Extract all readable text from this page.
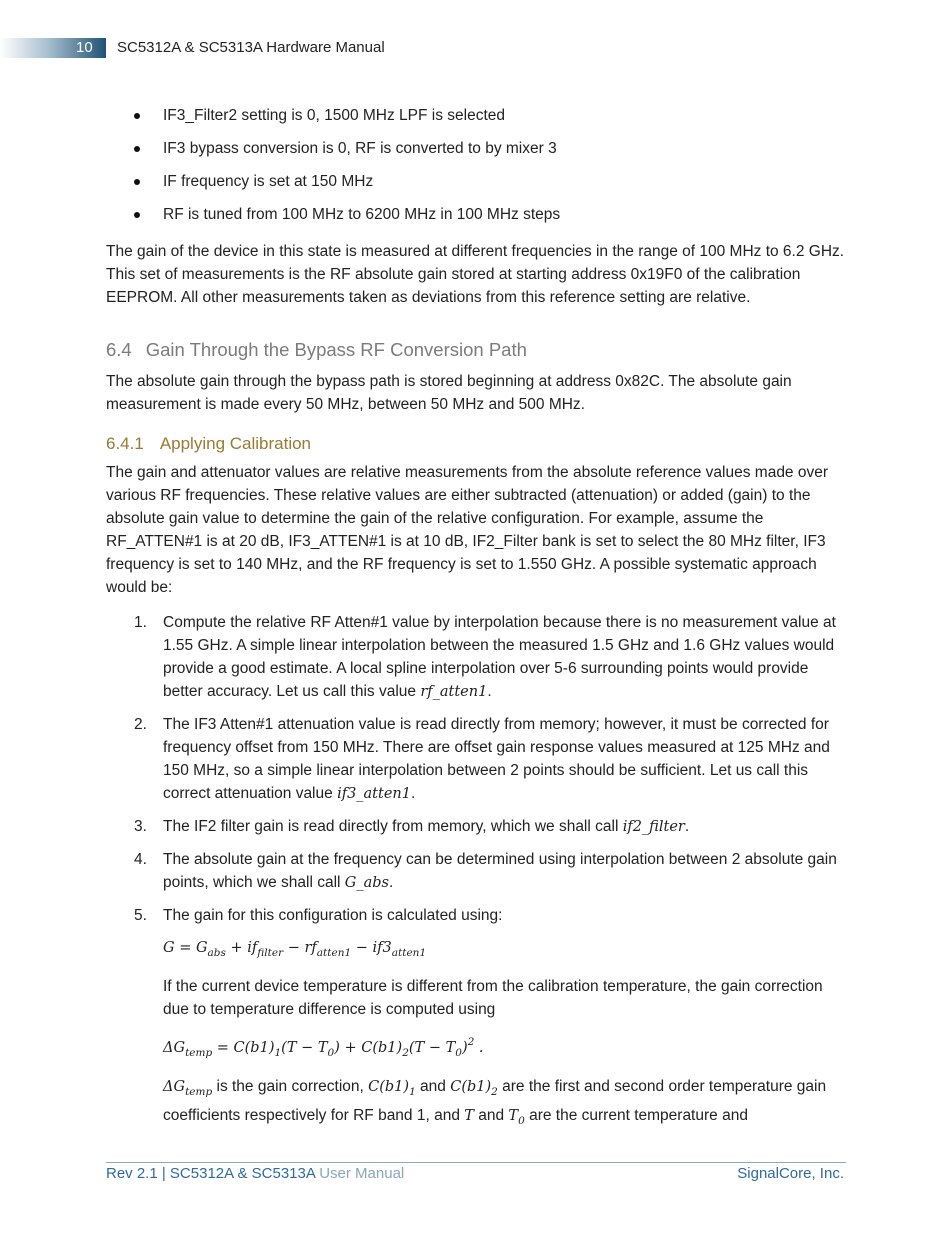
10	SC5312A & SC5313A Hardware Manual
IF3_Filter2 setting is 0, 1500 MHz LPF is selected
IF3 bypass conversion is 0, RF is converted to by mixer 3
IF frequency is set at 150 MHz
RF is tuned from 100 MHz to 6200 MHz in 100 MHz steps

The gain of the device in this state is measured at different frequencies in the range of 100 MHz to 6.2 GHz. This set of measurements is the RF absolute gain stored at starting address 0x19F0 of the calibration EEPROM. All other measurements taken as deviations from this reference setting are relative.

6.4 Gain Through the Bypass RF Conversion Path

The absolute gain through the bypass path is stored beginning at address 0x82C. The absolute gain measurement is made every 50 MHz, between 50 MHz and 500 MHz.

6.4.1 Applying Calibration

The gain and attenuator values are relative measurements from the absolute reference values made over various RF frequencies. These relative values are either subtracted (attenuation) or added (gain) to the absolute gain value to determine the gain of the relative configuration. For example, assume the RF_ATTEN#1 is at 20 dB, IF3_ATTEN#1 is at 10 dB, IF2_Filter bank is set to select the 80 MHz filter, IF3 frequency is set to 140 MHz, and the RF frequency is set to 1.550 GHz. A possible systematic approach would be:

1. Compute the relative RF Atten#1 value by interpolation because there is no measurement value at 1.55 GHz. A simple linear interpolation between the measured 1.5 GHz and 1.6 GHz values would provide a good estimate. A local spline interpolation over 5-6 surrounding points would provide better accuracy. Let us call this value rf_atten1.
2. The IF3 Atten#1 attenuation value is read directly from memory; however, it must be corrected for frequency offset from 150 MHz. There are offset gain response values measured at 125 MHz and 150 MHz, so a simple linear interpolation between 2 points should be sufficient. Let us call this correct attenuation value if3_atten1.
3. The IF2 filter gain is read directly from memory, which we shall call if2_filter.
4. The absolute gain at the frequency can be determined using interpolation between 2 absolute gain points, which we shall call G_abs.
5. The gain for this configuration is calculated using:
$G = G_{abs} + if_{filter} - rf_{atten1} - if3_{atten1}$

If the current device temperature is different from the calibration temperature, the gain correction due to temperature difference is computed using

$\Delta G_{temp} = C(b1)_1(T - T_0) + C(b1)_2(T - T_0)^2$ .

$\Delta G_{temp}$ is the gain correction, $C(b1)_1$ and $C(b1)_2$ are the first and second order temperature gain coefficients respectively for RF band 1, and T and $T_0$ are the current temperature and

Rev 2.1 | SC5312A & SC5313A User Manual	SignalCore, Inc.
